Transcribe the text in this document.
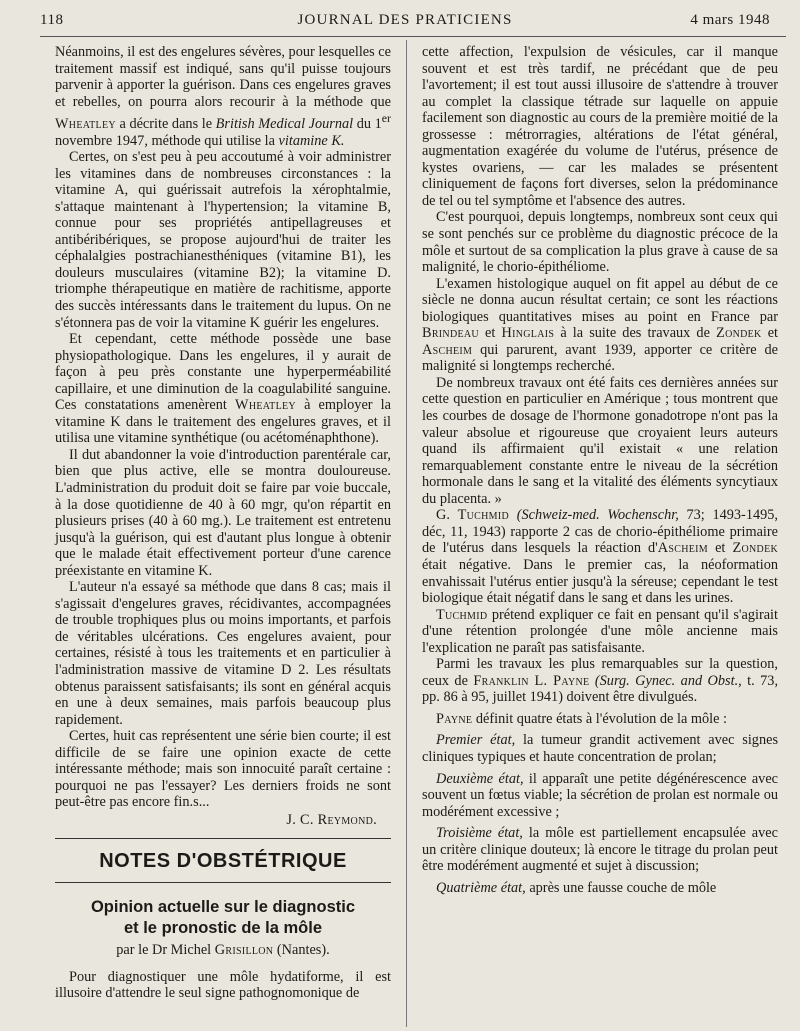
118	JOURNAL DES PRATICIENS	4 mars 1948

Néanmoins, il est des engelures sévères, pour lesquelles ce traitement massif est indiqué, sans qu'il puisse toujours parvenir à apporter la guérison. Dans ces engelures graves et rebelles, on pourra alors recourir à la méthode que Wheatley a décrite dans le British Medical Journal du 1er novembre 1947, méthode qui utilise la vitamine K.

Certes, on s'est peu à peu accoutumé à voir administrer les vitamines dans de nombreuses circonstances : la vitamine A, qui guérissait autrefois la xérophtalmie, s'attaque maintenant à l'hypertension; la vitamine B, connue pour ses propriétés antipellagreuses et antibéribériques, se propose aujourd'hui de traiter les céphalalgies postrachianesthéniques (vitamine B1), les douleurs musculaires (vitamine B2); la vitamine D. triomphe thérapeutique en matière de rachitisme, apporte des succès intéressants dans le traitement du lupus. On ne s'étonnera pas de voir la vitamine K guérir les engelures.

Et cependant, cette méthode possède une base physiopathologique. Dans les engelures, il y aurait de façon à peu près constante une hyperperméabilité capillaire, et une diminution de la coagulabilité sanguine. Ces constatations amenèrent Wheatley à employer la vitamine K dans le traitement des engelures graves, et il utilisa une vitamine synthétique (ou acétoménaphthone).

Il dut abandonner la voie d'introduction parentérale car, bien que plus active, elle se montra douloureuse. L'administration du produit doit se faire par voie buccale, à la dose quotidienne de 40 à 60 mgr, qu'on répartit en plusieurs prises (40 à 60 mg.). Le traitement est entretenu jusqu'à la guérison, qui est d'autant plus longue à obtenir que le malade était effectivement porteur d'une carence préexistante en vitamine K.

L'auteur n'a essayé sa méthode que dans 8 cas; mais il s'agissait d'engelures graves, récidivantes, accompagnées de trouble trophiques plus ou moins importants, et parfois de véritables ulcérations. Ces engelures avaient, pour certaines, résisté à tous les traitements et en particulier à l'administration massive de vitamine D 2. Les résultats obtenus paraissent satisfaisants; ils sont en général acquis en une à deux semaines, mais parfois beaucoup plus rapidement.

Certes, huit cas représentent une série bien courte; il est difficile de se faire une opinion exacte de cette intéressante méthode; mais son innocuité paraît certaine : pourquoi ne pas l'essayer? Les derniers froids ne sont peut-être pas encore fin.s...

J. C. Reymond.
NOTES D'OBSTÉTRIQUE
Opinion actuelle sur le diagnostic
et le pronostic de la môle
par le Dr Michel Grisillon (Nantes).

Pour diagnostiquer une môle hydatiforme, il est illusoire d'attendre le seul signe pathognomonique de

cette affection, l'expulsion de vésicules, car il manque souvent et est très tardif, ne précédant que de peu l'avortement; il est tout aussi illusoire de s'attendre à trouver au complet la classique tétrade sur laquelle on appuie facilement son diagnostic au cours de la première moitié de la grossesse : métrorragies, altérations de l'état général, augmentation exagérée du volume de l'utérus, présence de kystes ovariens, — car les malades se présentent cliniquement de façons fort diverses, selon la prédominance de tel ou tel symptôme et l'absence des autres.

C'est pourquoi, depuis longtemps, nombreux sont ceux qui se sont penchés sur ce problème du diagnostic précoce de la môle et surtout de sa complication la plus grave à cause de sa malignité, le chorio-épithéliome.

L'examen histologique auquel on fit appel au début de ce siècle ne donna aucun résultat certain; ce sont les réactions biologiques quantitatives mises au point en France par Brindeau et Hinglais à la suite des travaux de Zondek et Ascheim qui parurent, avant 1939, apporter ce critère de malignité si longtemps recherché.

De nombreux travaux ont été faits ces dernières années sur cette question en particulier en Amérique ; tous montrent que les courbes de dosage de l'hormone gonadotrope n'ont pas la valeur absolue et rigoureuse que croyaient leurs auteurs quand ils affirmaient qu'il existait « une relation remarquablement constante entre le niveau de la sécrétion hormonale dans le sang et la vitalité des éléments syncytiaux du placenta. »

G. Tuchmid (Schweiz-med. Wochenschr, 73; 1493-1495, déc, 11, 1943) rapporte 2 cas de chorio-épithéliome primaire de l'utérus dans lesquels la réaction d'Ascheim et Zondek était négative. Dans le premier cas, la néoformation envahissait l'utérus entier jusqu'à la séreuse; cependant le test biologique était négatif dans le sang et dans les urines.

Tuchmid prétend expliquer ce fait en pensant qu'il s'agirait d'une rétention prolongée d'une môle ancienne mais l'explication ne paraît pas satisfaisante.

Parmi les travaux les plus remarquables sur la question, ceux de Franklin L. Payne (Surg. Gynec. and Obst., t. 73, pp. 86 à 95, juillet 1941) doivent être divulgués.

Payne définit quatre états à l'évolution de la môle :

Premier état, la tumeur grandit activement avec signes cliniques typiques et haute concentration de prolan;

Deuxième état, il apparaît une petite dégénérescence avec souvent un fœtus viable; la sécrétion de prolan est normale ou modérément excessive ;

Troisième état, la môle est partiellement encapsulée avec un critère clinique douteux; là encore le titrage du prolan peut être modérément augmenté et sujet à discussion;

Quatrième état, après une fausse couche de môle
